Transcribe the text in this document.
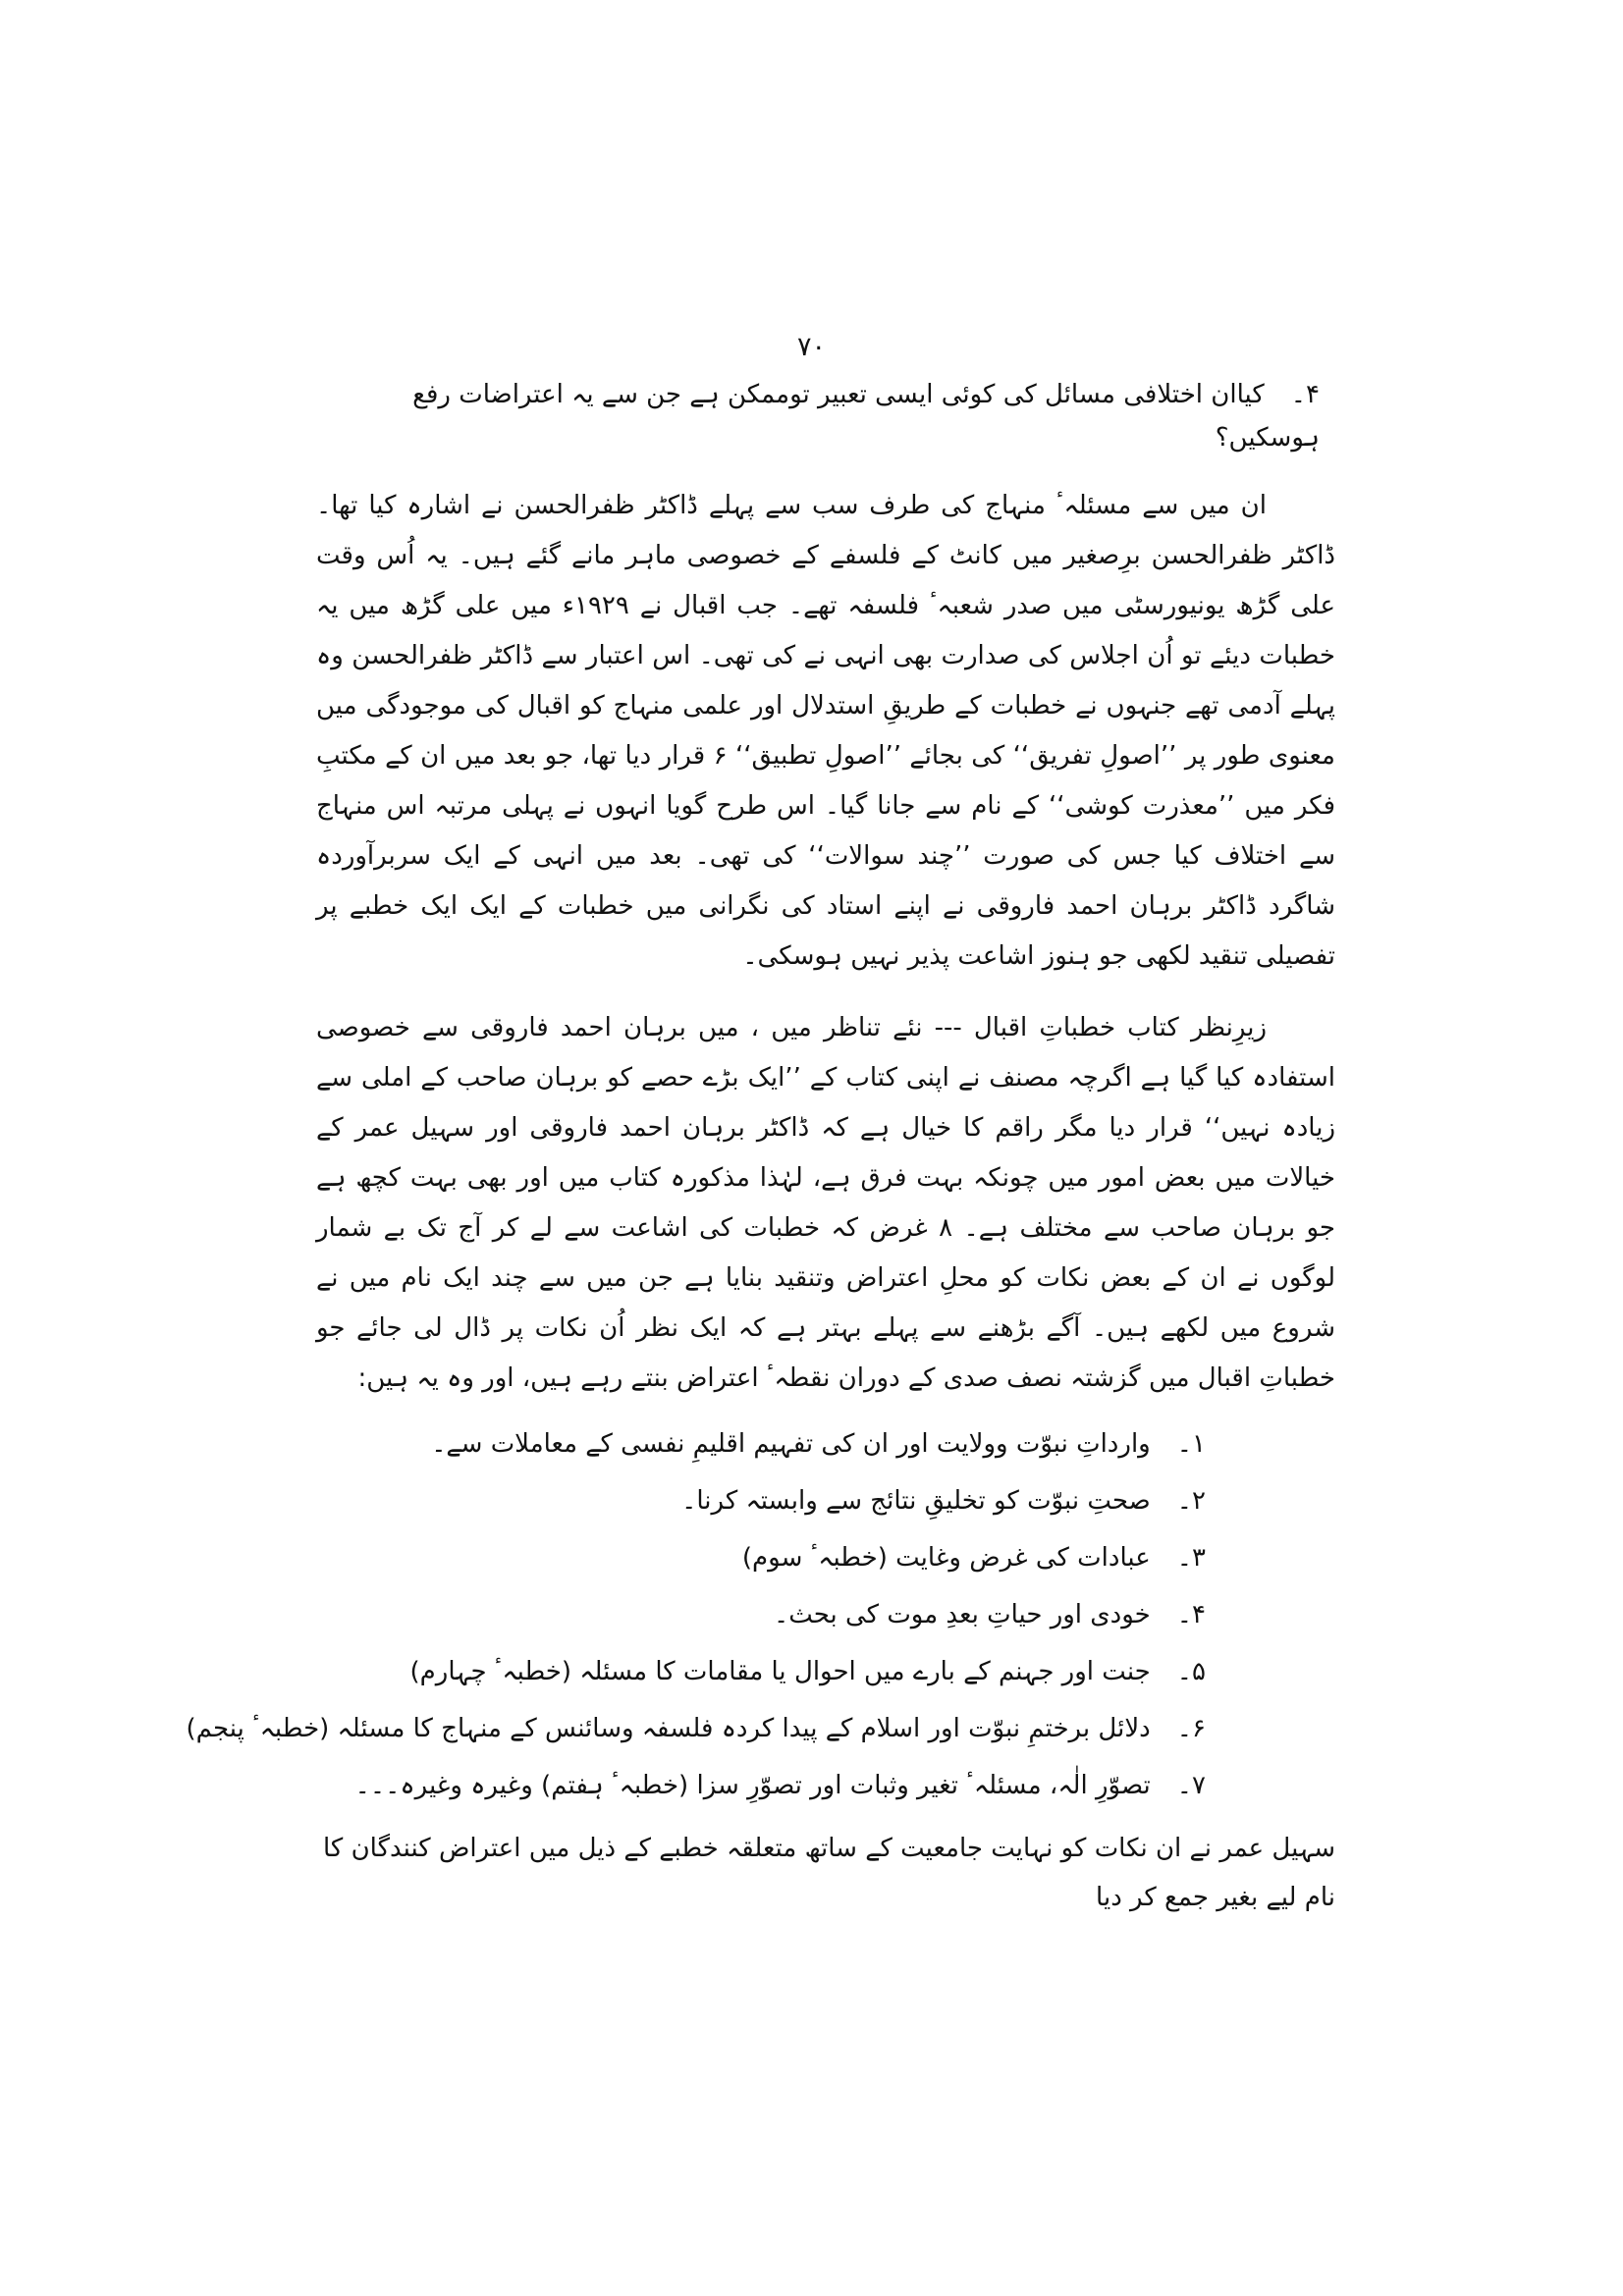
۷۰

۴۔ کیاان اختلافی مسائل کی کوئی ایسی تعبیر توممکن ہے جن سے یہ اعتراضات رفع ہوسکیں؟

ان میں سے مسئلہٴ منہاج کی طرف سب سے پہلے ڈاکٹر ظفرالحسن نے اشارہ کیا تھا۔ ڈاکٹر ظفرالحسن برِصغیر میں کانٹ کے فلسفے کے خصوصی ماہر مانے گئے ہیں۔ یہ اُس وقت علی گڑھ یونیورسٹی میں صدر شعبہٴ فلسفہ تھے۔ جب اقبال نے ۱۹۲۹ء میں علی گڑھ میں یہ خطبات دیئے تو اُن اجلاس کی صدارت بھی انہی نے کی تھی۔ اس اعتبار سے ڈاکٹر ظفرالحسن وہ پہلے آدمی تھے جنہوں نے خطبات کے طریقِ استدلال اور علمی منہاج کو اقبال کی موجودگی میں معنوی طور پر ’’اصولِ تفریق‘‘ کی بجائے ’’اصولِ تطبیق‘‘ ۶ قرار دیا تھا، جو بعد میں ان کے مکتبِ فکر میں ’’معذرت کوشی‘‘ کے نام سے جانا گیا۔ اس طرح گویا انہوں نے پہلی مرتبہ اس منہاج سے اختلاف کیا جس کی صورت ’’چند سوالات‘‘ کی تھی۔ بعد میں انہی کے ایک سربرآوردہ شاگرد ڈاکٹر برہان احمد فاروقی نے اپنے استاد کی نگرانی میں خطبات کے ایک ایک خطبے پر تفصیلی تنقید لکھی جو ہنوز اشاعت پذیر نہیں ہوسکی۔

زیرِنظر کتاب خطباتِ اقبال --- نئے تناظر میں ، میں برہان احمد فاروقی سے خصوصی استفادہ کیا گیا ہے اگرچہ مصنف نے اپنی کتاب کے ’’ایک بڑے حصے کو برہان صاحب کے املی سے زیادہ نہیں‘‘ قرار دیا مگر راقم کا خیال ہے کہ ڈاکٹر برہان احمد فاروقی اور سہیل عمر کے خیالات میں بعض امور میں چونکہ بہت فرق ہے، لہٰذا مذکورہ کتاب میں اور بھی بہت کچھ ہے جو برہان صاحب سے مختلف ہے۔ ۸ غرض کہ خطبات کی اشاعت سے لے کر آج تک بے شمار لوگوں نے ان کے بعض نکات کو محلِ اعتراض وتنقید بنایا ہے جن میں سے چند ایک نام میں نے شروع میں لکھے ہیں۔ آگے بڑھنے سے پہلے بہتر ہے کہ ایک نظر اُن نکات پر ڈال لی جائے جو خطباتِ اقبال میں گزشتہ نصف صدی کے دوران نقطہٴ اعتراض بنتے رہے ہیں، اور وہ یہ ہیں:

۱۔ وارداتِ نبوّت وولایت اور ان کی تفہیم اقلیمِ نفسی کے معاملات سے۔
۲۔ صحتِ نبوّت کو تخلیقِ نتائج سے وابستہ کرنا۔
۳۔ عبادات کی غرض وغایت (خطبہٴ سوم)
۴۔ خودی اور حیاتِ بعدِ موت کی بحث۔
۵۔ جنت اور جہنم کے بارے میں احوال یا مقامات کا مسئلہ (خطبہٴ چہارم)
۶۔ دلائل برختمِ نبوّت اور اسلام کے پیدا کردہ فلسفہ وسائنس کے منہاج کا مسئلہ (خطبہٴ پنجم)
۷۔ تصوّرِ الٰہ، مسئلہٴ تغیر وثبات اور تصوّرِ سزا (خطبہٴ ہفتم) وغیرہ وغیرہ۔۔۔

سہیل عمر نے ان نکات کو نہایت جامعیت کے ساتھ متعلقہ خطبے کے ذیل میں اعتراض کنندگان کا نام لیے بغیر جمع کر دیا
